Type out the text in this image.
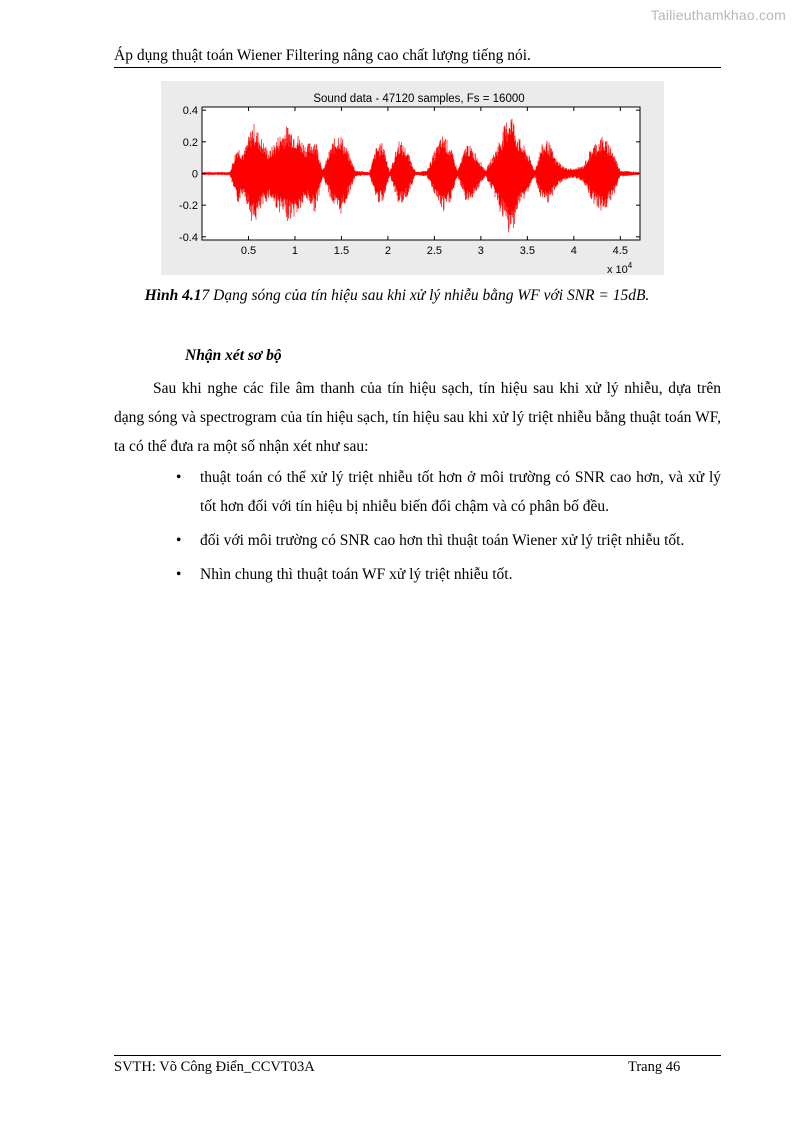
Tailieuthamkhao.com
Áp dụng thuật toán Wiener Filtering nâng cao chất lượng tiếng nói.
Sound data - 47120 samples, Fs = 16000
0.4
0.2
0
-0.2
-0.4
0.5	1	1.5	2	2.5	3	3.5	4	4.5
x $10^4$
Hình 4.17 Dạng sóng của tín hiệu sau khi xử lý nhiễu bằng WF với SNR = 15dB.
Nhận xét sơ bộ
Sau khi nghe các file âm thanh của tín hiệu sạch, tín hiệu sau khi xử lý nhiễu, dựa trên dạng sóng và spectrogram của tín hiệu sạch, tín hiệu sau khi xử lý triệt nhiễu bằng thuật toán WF, ta có thể đưa ra một số nhận xét như sau:
• thuật toán có thể xử lý triệt nhiễu tốt hơn ở môi trường có SNR cao hơn, và xử lý tốt hơn đối với tín hiệu bị nhiễu biến đổi chậm và có phân bố đều.
• đối với môi trường có SNR cao hơn thì thuật toán Wiener xử lý triệt nhiễu tốt.
• Nhìn chung thì thuật toán WF xử lý triệt nhiễu tốt.
SVTH: Võ Công Điển_CCVT03A	Trang 46
